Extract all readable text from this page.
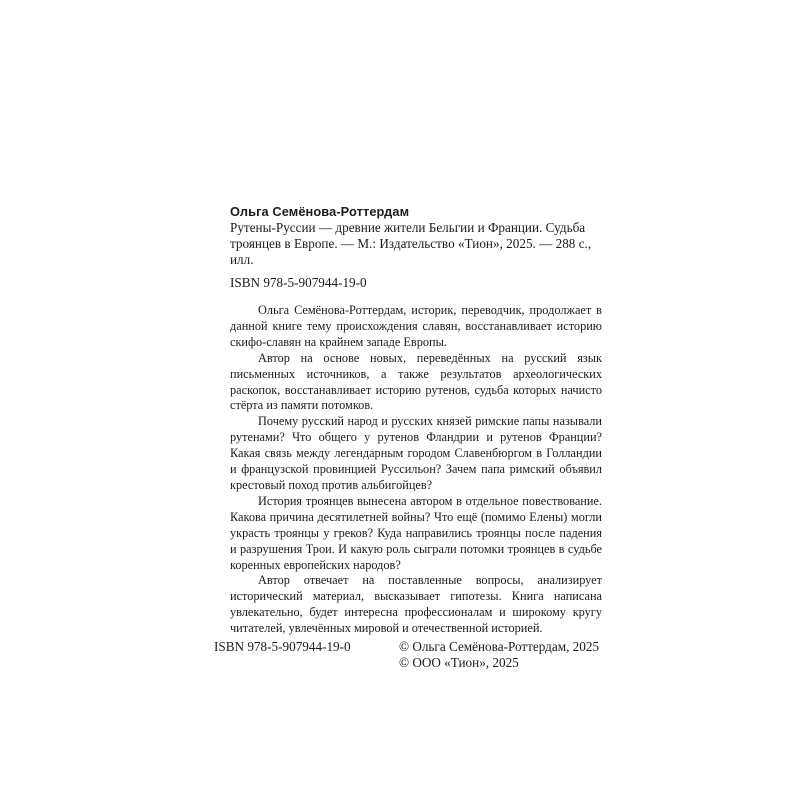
Ольга Семёнова-Роттердам
Рутены-Руссии — древние жители Бельгии и Франции. Судьба троянцев в Европе. — М.: Издательство «Тион», 2025. — 288 с., илл.
ISBN 978-5-907944-19-0

Ольга Семёнова-Роттердам, историк, переводчик, продолжает в данной книге тему происхождения славян, восстанавливает историю скифо-славян на крайнем западе Европы.

Автор на основе новых, переведённых на русский язык письменных источников, а также результатов археологических раскопок, восстанавливает историю рутенов, судьба которых начисто стёрта из памяти потомков.

Почему русский народ и русских князей римские папы называли рутенами? Что общего у рутенов Фландрии и рутенов Франции? Какая связь между легендарным городом Славенбюргом в Голландии и французской провинцией Руссильон? Зачем папа римский объявил крестовый поход против альбигойцев?

История троянцев вынесена автором в отдельное повествование. Какова причина десятилетней войны? Что ещё (помимо Елены) могли украсть троянцы у греков? Куда направились троянцы после падения и разрушения Трои. И какую роль сыграли потомки троянцев в судьбе коренных европейских народов?

Автор отвечает на поставленные вопросы, анализирует исторический материал, высказывает гипотезы. Книга написана увлекательно, будет интересна профессионалам и широкому кругу читателей, увлечённых мировой и отечественной историей.

ISBN 978-5-907944-19-0	© Ольга Семёнова-Роттердам, 2025
© ООО «Тион», 2025
